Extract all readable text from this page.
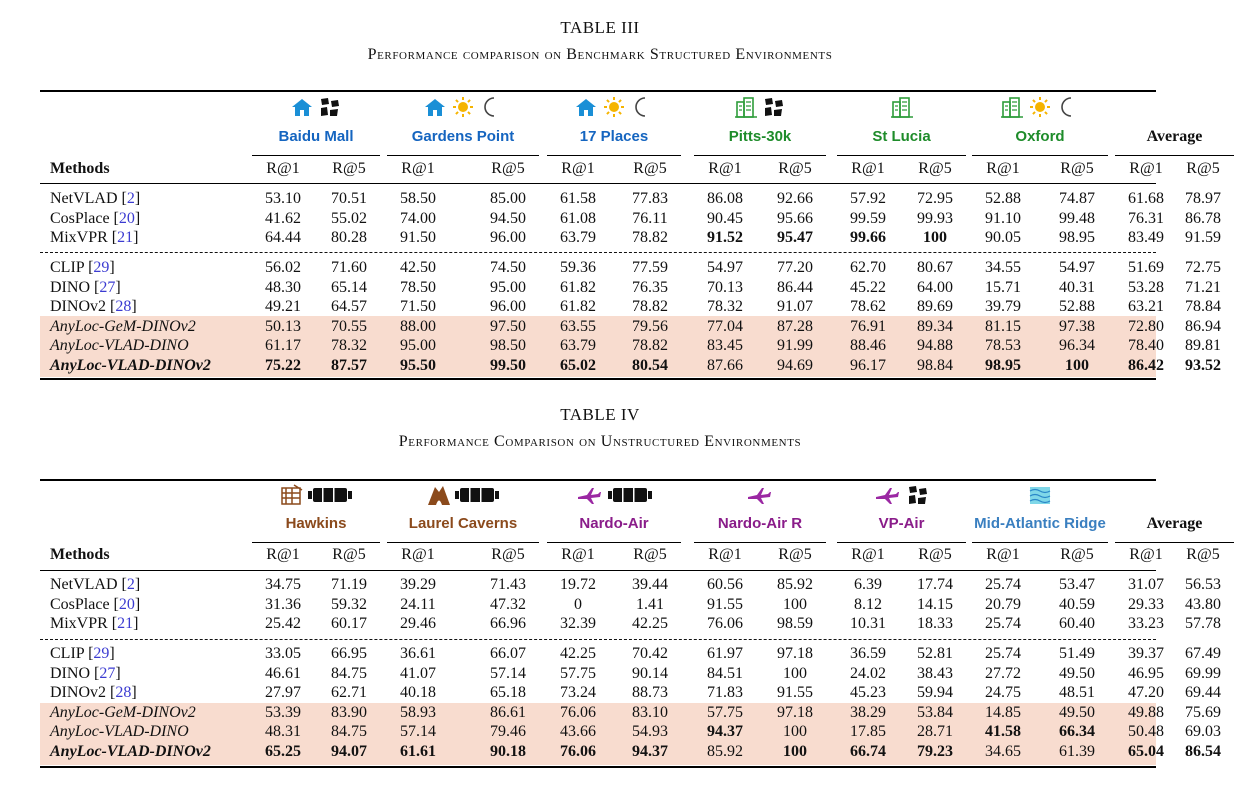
TABLE III
Performance comparison on Benchmark Structured Environments
Baidu Mall	Gardens Point	17 Places	Pitts-30k	St Lucia	Oxford	Average
Methods	R@1	R@5	R@1	R@5	R@1	R@5	R@1	R@5	R@1	R@5	R@1	R@5	R@1	R@5
NetVLAD [2]	53.10	70.51	58.50	85.00	61.58	77.83	86.08	92.66	57.92	72.95	52.88	74.87	61.68	78.97
CosPlace [20]	41.62	55.02	74.00	94.50	61.08	76.11	90.45	95.66	99.59	99.93	91.10	99.48	76.31	86.78
MixVPR [21]	64.44	80.28	91.50	96.00	63.79	78.82	91.52	95.47	99.66	100	90.05	98.95	83.49	91.59
CLIP [29]	56.02	71.60	42.50	74.50	59.36	77.59	54.97	77.20	62.70	80.67	34.55	54.97	51.69	72.75
DINO [27]	48.30	65.14	78.50	95.00	61.82	76.35	70.13	86.44	45.22	64.00	15.71	40.31	53.28	71.21
DINOv2 [28]	49.21	64.57	71.50	96.00	61.82	78.82	78.32	91.07	78.62	89.69	39.79	52.88	63.21	78.84
AnyLoc-GeM-DINOv2	50.13	70.55	88.00	97.50	63.55	79.56	77.04	87.28	76.91	89.34	81.15	97.38	72.80	86.94
AnyLoc-VLAD-DINO	61.17	78.32	95.00	98.50	63.79	78.82	83.45	91.99	88.46	94.88	78.53	96.34	78.40	89.81
AnyLoc-VLAD-DINOv2	75.22	87.57	95.50	99.50	65.02	80.54	87.66	94.69	96.17	98.84	98.95	100	86.42	93.52
TABLE IV
Performance Comparison on Unstructured Environments
Hawkins	Laurel Caverns	Nardo-Air	Nardo-Air R	VP-Air	Mid-Atlantic Ridge	Average
Methods	R@1	R@5	R@1	R@5	R@1	R@5	R@1	R@5	R@1	R@5	R@1	R@5	R@1	R@5
NetVLAD [2]	34.75	71.19	39.29	71.43	19.72	39.44	60.56	85.92	6.39	17.74	25.74	53.47	31.07	56.53
CosPlace [20]	31.36	59.32	24.11	47.32	0	1.41	91.55	100	8.12	14.15	20.79	40.59	29.33	43.80
MixVPR [21]	25.42	60.17	29.46	66.96	32.39	42.25	76.06	98.59	10.31	18.33	25.74	60.40	33.23	57.78
CLIP [29]	33.05	66.95	36.61	66.07	42.25	70.42	61.97	97.18	36.59	52.81	25.74	51.49	39.37	67.49
DINO [27]	46.61	84.75	41.07	57.14	57.75	90.14	84.51	100	24.02	38.43	27.72	49.50	46.95	69.99
DINOv2 [28]	27.97	62.71	40.18	65.18	73.24	88.73	71.83	91.55	45.23	59.94	24.75	48.51	47.20	69.44
AnyLoc-GeM-DINOv2	53.39	83.90	58.93	86.61	76.06	83.10	57.75	97.18	38.29	53.84	14.85	49.50	49.88	75.69
AnyLoc-VLAD-DINO	48.31	84.75	57.14	79.46	43.66	54.93	94.37	100	17.85	28.71	41.58	66.34	50.48	69.03
AnyLoc-VLAD-DINOv2	65.25	94.07	61.61	90.18	76.06	94.37	85.92	100	66.74	79.23	34.65	61.39	65.04	86.54
